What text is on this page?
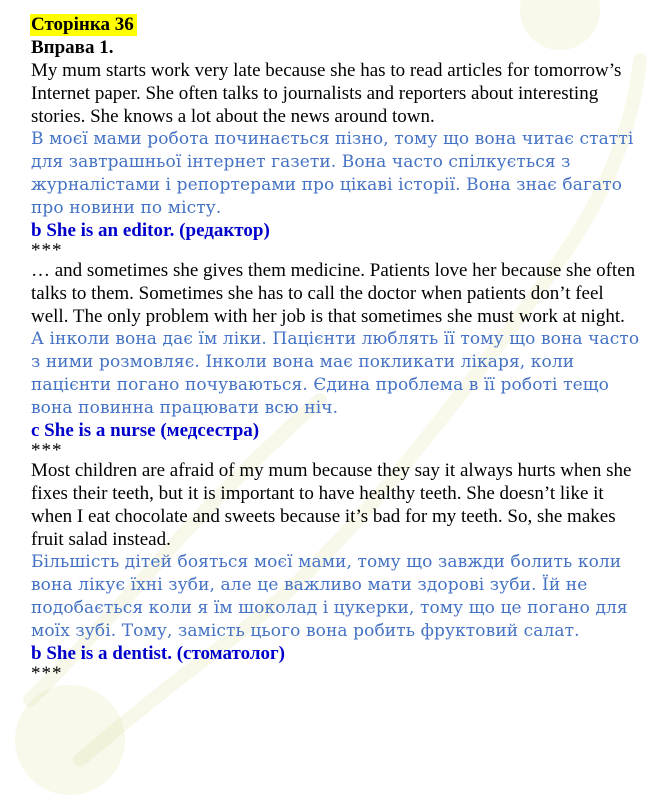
Сторінка 36
Вправа 1.

My mum starts work very late because she has to read articles for tomorrow’s Internet paper. She often talks to journalists and reporters about interesting stories. She knows a lot about the news around town.

В моєї мами робота починається пізно, тому що вона читає статті для завтрашньої інтернет газети. Вона часто спілкується з журналістами і репортерами про цікаві історії. Вона знає багато про новини по місту.

b She is an editor. (редактор)
***

… and sometimes she gives them medicine. Patients love her because she often talks to them. Sometimes she has to call the doctor when patients don’t feel well. The only problem with her job is that sometimes she must work at night.

А інколи вона дає їм ліки. Пацієнти люблять її тому що вона часто з ними розмовляє. Інколи вона має покликати лікаря, коли пацієнти погано почуваються. Єдина проблема в її роботі тещо вона повинна працювати всю ніч.

c She is a nurse (медсестра)
***

Most children are afraid of my mum because they say it always hurts when she fixes their teeth, but it is important to have healthy teeth. She doesn’t like it when I eat chocolate and sweets because it’s bad for my teeth. So, she makes fruit salad instead.

Більшість дітей бояться моєї мами, тому що завжди болить коли вона лікує їхні зуби, але це важливо мати здорові зуби. Їй не подобається коли я їм шоколад і цукерки, тому що це погано для моїх зубі. Тому, замість цього вона робить фруктовий салат.

b She is a dentist. (стоматолог)
***
